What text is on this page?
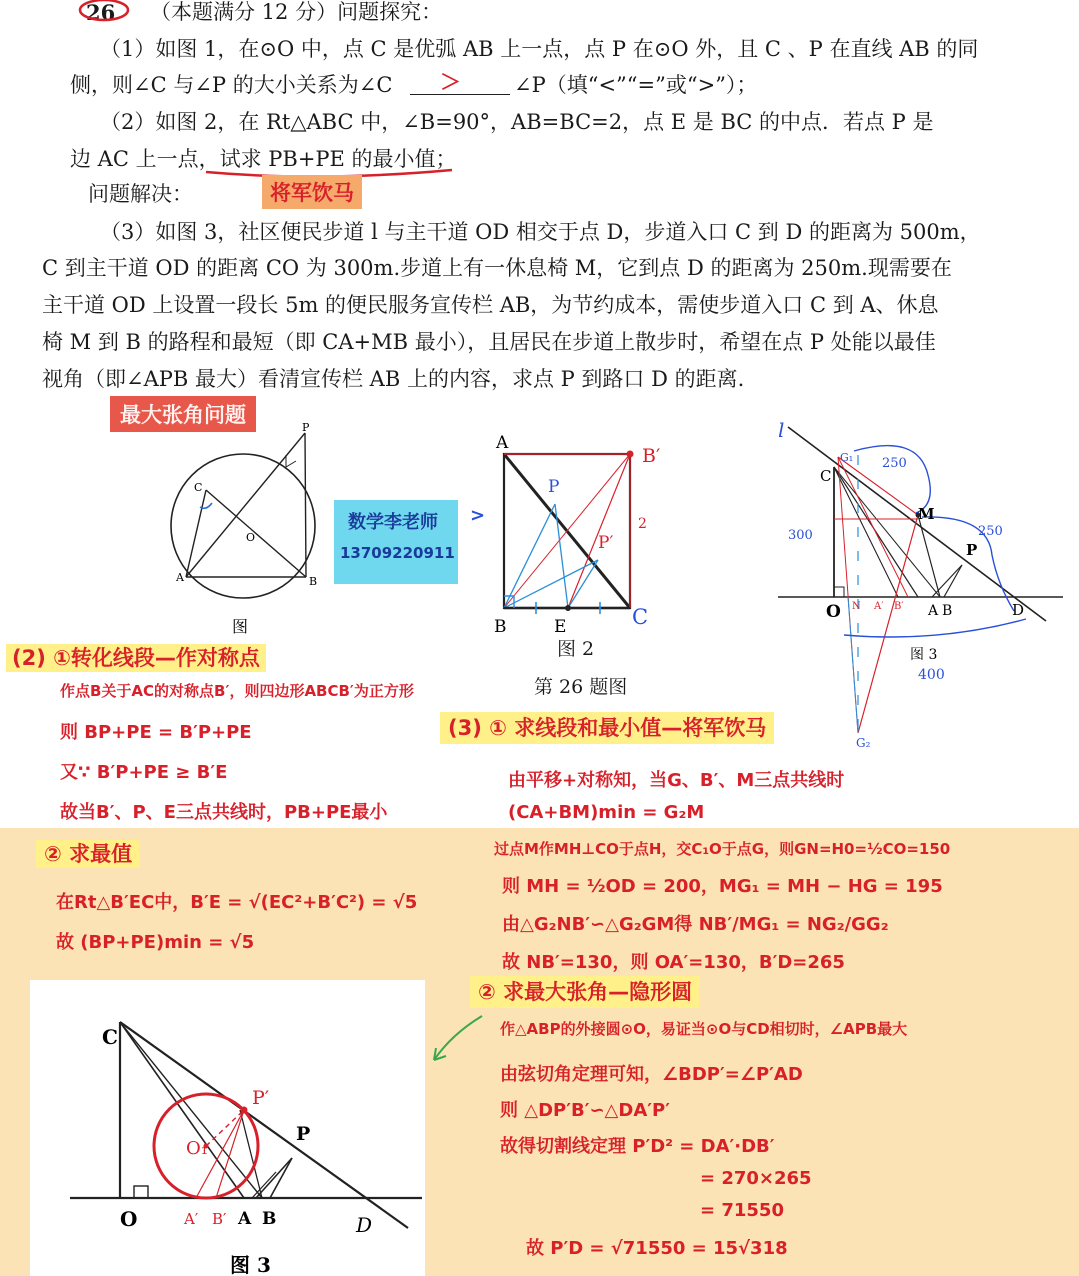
26 （本题满分 12 分）问题探究：
（1）如图 1，在⊙O 中，点 C 是优弧 AB 上一点，点 P 在⊙O 外，且 C 、P 在直线 AB 的同
侧，则∠C 与∠P 的大小关系为∠C ＞	∠P（填“<”“=”或“>”）；
（2）如图 2，在 Rt△ABC 中，∠B=90°，AB=BC=2，点 E 是 BC 的中点．若点 P 是
边 AC 上一点，试求 PB+PE 的最小值；
将军饮马
问题解决：
（3）如图 3，社区便民步道 l 与主干道 OD 相交于点 D，步道入口 C 到 D 的距离为 500m，
C 到主干道 OD 的距离 CO 为 300m.步道上有一休息椅 M，它到点 D 的距离为 250m.现需要在
主干道 OD 上设置一段长 5m 的便民服务宣传栏 AB，为节约成本，需使步道入口 C 到 A、休息
椅 M 到 B 的路程和最短（即 CA+MB 最小），且居民在步道上散步时，希望在点 P 处能以最佳
视角（即∠APB 最大）看清宣传栏 AB 上的内容，求点 P 到路口 D 的距离.
最大张角问题
C
A	B
P
O
图
数学李老师
13709220911
>
A
B′
P
P′
2
B	E	C
图 2
第 26 题图
l
C
G₁ 250
250
300
M
P
O N A′ B′ A B	D
图 3
400
G₂
(2) ①转化线段—作对称点
作点B关于AC的对称点B′，则四边形ABCB′为正方形
则 BP+PE = B′P+PE
又∵ B′P+PE ≥ B′E
故当B′、P、E三点共线时，PB+PE最小
② 求最值
在Rt△B′EC中，B′E = √(EC²+B′C²) = √5
故 (BP+PE)min = √5
(3) ① 求线段和最小值—将军饮马
由平移+对称知，当G、B′、M三点共线时
(CA+BM)min = G₂M
过点M作MH⊥CO于点H，交C₁O于点G，则GN=H0=½CO=150
则 MH = ½OD = 200，MG₁ = MH − HG = 195
由△G₂NB′∽△G₂GM得 NB′/MG₁ = NG₂/GG₂
故 NB′=130，则 OA′=130，B′D=265
② 求最大张角—隐形圆
作△ABP的外接圆⊙O，易证当⊙O与CD相切时，∠APB最大
由弦切角定理可知，∠BDP′=∠P′AD
则 △DP′B′∽△DA′P′
故得切割线定理 P′D² = DA′·DB′
= 270×265
= 71550
故 P′D = √71550 = 15√318
C
P′
P
O₁
O	A′ B′ A B	D
图 3
